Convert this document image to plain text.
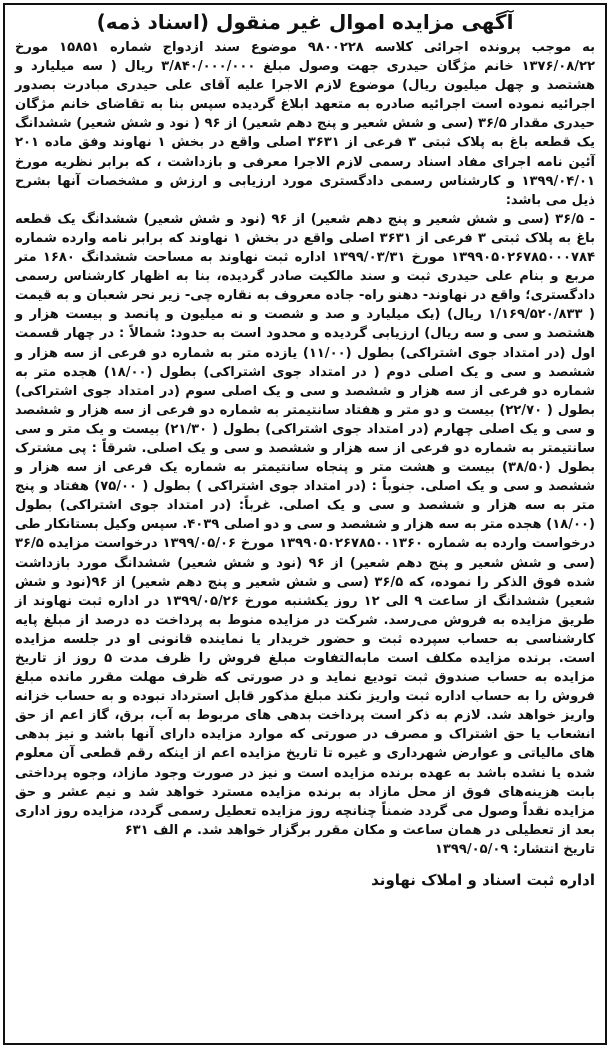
آگهی مزایده اموال غیر منقول (اسناد ذمه)

به موجب پرونده اجرائی کلاسه ۹۸۰۰۲۲۸ موضوع سند ازدواج شماره ۱۵۸۵۱ مورخ ۱۳۷۶/۰۸/۲۲ خانم مژگان حیدری جهت وصول مبلغ ۳/۸۴۰/۰۰۰/۰۰۰ ریال ( سه میلیارد و هشتصد و چهل میلیون ریال) موضوع لازم الاجرا علیه آقای علی حیدری مبادرت بصدور اجرائیه نموده است اجرائیه صادره به متعهد ابلاغ گردیده سپس بنا به تقاضای خانم مژگان حیدری مقدار ۳۶/۵ (سی و شش شعیر و پنج دهم شعیر) از ۹۶ ( نود و شش شعیر) ششدانگ یک قطعه باغ به پلاک ثبتی ۳ فرعی از ۳۶۳۱ اصلی واقع در بخش ۱ نهاوند وفق ماده ۲۰۱ آئین نامه اجرای مفاد اسناد رسمی لازم الاجرا معرفی و بازداشت ، که برابر نظریه مورخ ۱۳۹۹/۰۴/۰۱ و کارشناس رسمی دادگستری مورد ارزیابی و ارزش و مشخصات آنها بشرح ذیل می باشد:

- ۳۶/۵ (سی و شش شعیر و پنج دهم شعیر) از ۹۶ (نود و شش شعیر) ششدانگ یک قطعه باغ به پلاک ثبتی ۳ فرعی از ۳۶۳۱ اصلی واقع در بخش ۱ نهاوند که برابر نامه وارده شماره ۱۳۹۹۰۵۰۲۶۷۸۵۰۰۰۷۸۴ مورخ ۱۳۹۹/۰۳/۳۱ اداره ثبت نهاوند به مساحت ششدانگ ۱۶۸۰ متر مربع و بنام علی حیدری ثبت و سند مالکیت صادر گردیده، بنا به اظهار کارشناس رسمی دادگستری؛ واقع در نهاوند- دهنو راه- جاده معروف به نقاره چی- زیر نحر شعبان و به قیمت ( ۱/۱۶۹/۵۲۰/۸۳۳ ریال) (یک میلیارد و صد و شصت و نه میلیون و پانصد و بیست هزار و هشتصد و سی و سه ریال) ارزیابی گردیده و محدود است به حدود: شمالاً : در چهار قسمت اول (در امتداد جوی اشتراکی) بطول (۱۱/۰۰) یازده متر به شماره دو فرعی از سه هزار و ششصد و سی و یک اصلی دوم ( در امتداد جوی اشتراکی) بطول (۱۸/۰۰) هجده متر به شماره دو فرعی از سه هزار و ششصد و سی و یک اصلی سوم (در امتداد جوی اشتراکی) بطول ( ۲۲/۷۰) بیست و دو متر و هفتاد سانتیمتر به شماره دو فرعی از سه هزار و ششصد و سی و یک اصلی چهارم (در امتداد جوی اشتراکی) بطول ( ۲۱/۳۰) بیست و یک متر و سی سانتیمتر به شماره دو فرعی از سه هزار و ششصد و سی و یک اصلی. شرقاً : پی مشترک بطول (۳۸/۵۰) بیست و هشت متر و پنجاه سانتیمتر به شماره یک فرعی از سه هزار و ششصد و سی و یک اصلی. جنوباً : (در امتداد جوی اشتراکی ) بطول ( ۷۵/۰۰) هفتاد و پنج متر به سه هزار و ششصد و سی و یک اصلی. غرباً: (در امتداد جوی اشتراکی) بطول (۱۸/۰۰) هجده متر به سه هزار و ششصد و سی و دو اصلی ۴۰۳۹. سپس وکیل بستانکار طی درخواست وارده به شماره ۱۳۹۹۰۵۰۲۶۷۸۵۰۰۱۳۶۰ مورخ ۱۳۹۹/۰۵/۰۶ درخواست مزایده ۳۶/۵ (سی و شش شعیر و پنج دهم شعیر) از ۹۶ (نود و شش شعیر) ششدانگ مورد بازداشت شده فوق الذکر را نموده، که ۳۶/۵ (سی و شش شعیر و پنج دهم شعیر) از ۹۶(نود و شش شعیر) ششدانگ از ساعت ۹ الی ۱۲ روز یکشنبه مورخ ۱۳۹۹/۰۵/۲۶ در اداره ثبت نهاوند از طریق مزایده به فروش می‌رسد. شرکت در مزایده منوط به پرداخت ده درصد از مبلغ پایه کارشناسی به حساب سپرده ثبت و حضور خریدار یا نماینده قانونی او در جلسه مزایده است. برنده مزایده مکلف است مابه‌التفاوت مبلغ فروش را ظرف مدت ۵ روز از تاریخ مزایده به حساب صندوق ثبت تودیع نماید و در صورتی که ظرف مهلت مقرر مانده مبلغ فروش را به حساب اداره ثبت واریز نکند مبلغ مذکور قابل استرداد نبوده و به حساب خزانه واریز خواهد شد. لازم به ذکر است پرداخت بدهی های مربوط به آب، برق، گاز اعم از حق انشعاب یا حق اشتراک و مصرف در صورتی که موارد مزایده دارای آنها باشد و نیز بدهی های مالیاتی و عوارض شهرداری و غیره تا تاریخ مزایده اعم از اینکه رقم قطعی آن معلوم شده یا نشده باشد به عهده برنده مزایده است و نیز در صورت وجود مازاد، وجوه پرداختی بابت هزینه‌های فوق از محل مازاد به برنده مزایده مسترد خواهد شد و نیم عشر و حق مزایده نقداً وصول می گردد ضمناً چنانچه روز مزایده تعطیل رسمی گردد، مزایده روز اداری بعد از تعطیلی در همان ساعت و مکان مقرر برگزار خواهد شد. م الف ۶۳۱

تاریخ انتشار: ۱۳۹۹/۰۵/۰۹

اداره ثبت اسناد و املاک نهاوند
